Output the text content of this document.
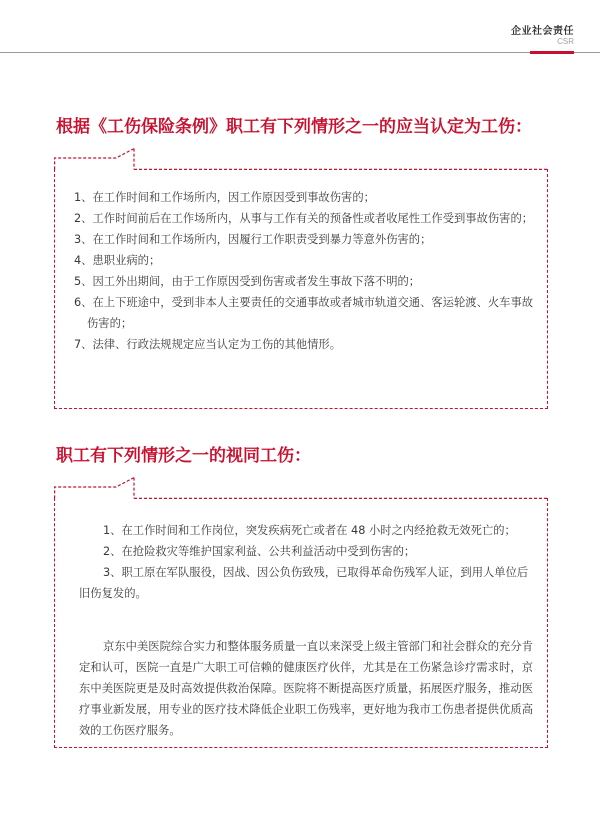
企业社会责任
CSR
根据《工伤保险条例》职工有下列情形之一的应当认定为工伤：
1、在工作时间和工作场所内，因工作原因受到事故伤害的；
2、工作时间前后在工作场所内，从事与工作有关的预备性或者收尾性工作受到事故伤害的；
3、在工作时间和工作场所内，因履行工作职责受到暴力等意外伤害的；
4、患职业病的；
5、因工外出期间，由于工作原因受到伤害或者发生事故下落不明的；
6、在上下班途中，受到非本人主要责任的交通事故或者城市轨道交通、客运轮渡、火车事故伤害的；
7、法律、行政法规规定应当认定为工伤的其他情形。
职工有下列情形之一的视同工伤：
1、在工作时间和工作岗位，突发疾病死亡或者在 48 小时之内经抢救无效死亡的；
2、在抢险救灾等维护国家利益、公共利益活动中受到伤害的；
3、职工原在军队服役，因战、因公负伤致残，已取得革命伤残军人证，到用人单位后旧伤复发的。

京东中美医院综合实力和整体服务质量一直以来深受上级主管部门和社会群众的充分肯定和认可，医院一直是广大职工可信赖的健康医疗伙伴，尤其是在工伤紧急诊疗需求时，京东中美医院更是及时高效提供救治保障。医院将不断提高医疗质量，拓展医疗服务，推动医疗事业新发展，用专业的医疗技术降低企业职工伤残率，更好地为我市工伤患者提供优质高效的工伤医疗服务。
